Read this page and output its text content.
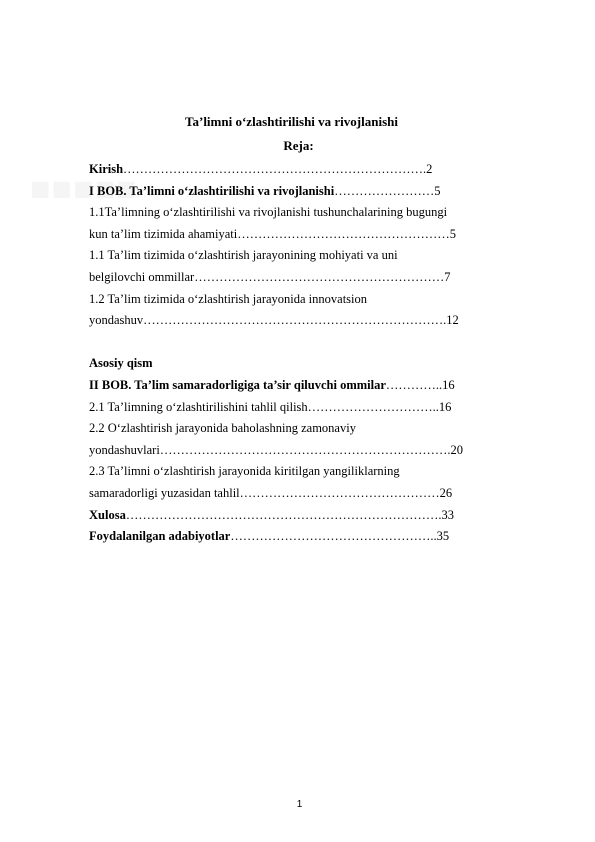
Ta’limni o‘zlashtirilishi va rivojlanishi
Reja:
Kirish……………………………………………………………….2
I BOB. Ta’limni o‘zlashtirilishi va rivojlanishi……………………5
1.1Ta’limning o‘zlashtirilishi va rivojlanishi tushunchalarining bugungi
kun ta’lim tizimida ahamiyati……………………………………………5
1.1 Ta’lim tizimida o‘zlashtirish jarayonining mohiyati va uni
belgilovchi ommillar……………………………………………………7
1.2 Ta’lim tizimida o‘zlashtirish jarayonida innovatsion
yondashuv……………………………………………………………….12
Asosiy qism
II BOB. Ta’lim samaradorligiga ta’sir qiluvchi ommilar…………..16
2.1 Ta’limning o‘zlashtirilishini tahlil qilish…………………………..16
2.2 O‘zlashtirish jarayonida baholashning zamonaviy
yondashuvlari…………………………………………………………….20
2.3 Ta’limni o‘zlashtirish jarayonida kiritilgan yangiliklarning
samaradorligi yuzasidan tahlil…………………………………………26
Xulosa………………………………………………………………….33
Foydalanilgan adabiyotlar…………………………………………..35
1
